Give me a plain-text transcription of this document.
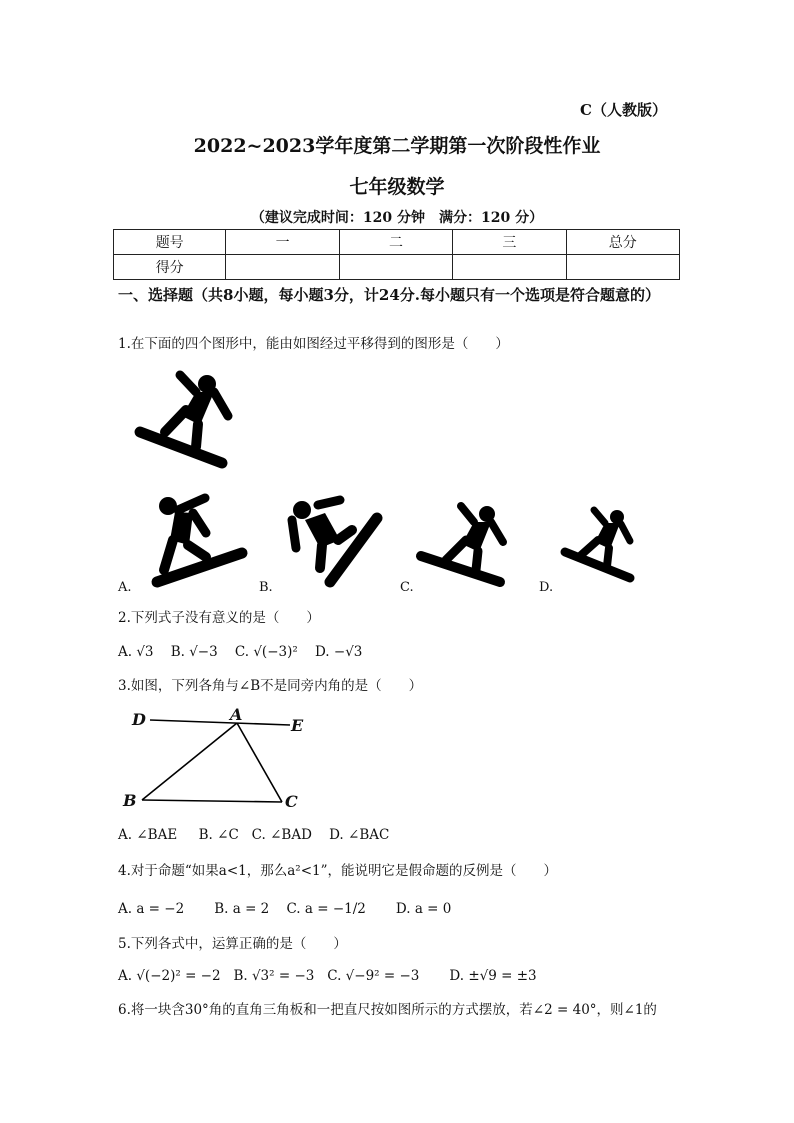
C（人教版）
2022~2023学年度第二学期第一次阶段性作业
七年级数学
（建议完成时间：120 分钟　满分：120 分）
题号	一	二	三	总分
得分				
一、选择题（共8小题，每小题3分，计24分.每小题只有一个选项是符合题意的）
1.在下面的四个图形中，能由如图经过平移得到的图形是（　　）
A.	B.	C.	D.
2.下列式子没有意义的是（　　）
A. √3 B. √−3 C. √(−3)² D. −√3
3.如图，下列各角与∠B不是同旁内角的是（　　）
D	A
E
B	C
A. ∠BAE B. ∠C C. ∠BAD D. ∠BAC
4.对于命题“如果a<1，那么a²<1”，能说明它是假命题的反例是（　　）
A. a = −2 B. a = 2 C. a = −1/2 D. a = 0
5.下列各式中，运算正确的是（　　）
A. √(−2)² = −2 B. √3² = −3 C. √−9² = −3 D. ±√9 = ±3
6.将一块含30°角的直角三角板和一把直尺按如图所示的方式摆放，若∠2 = 40°，则∠1的
